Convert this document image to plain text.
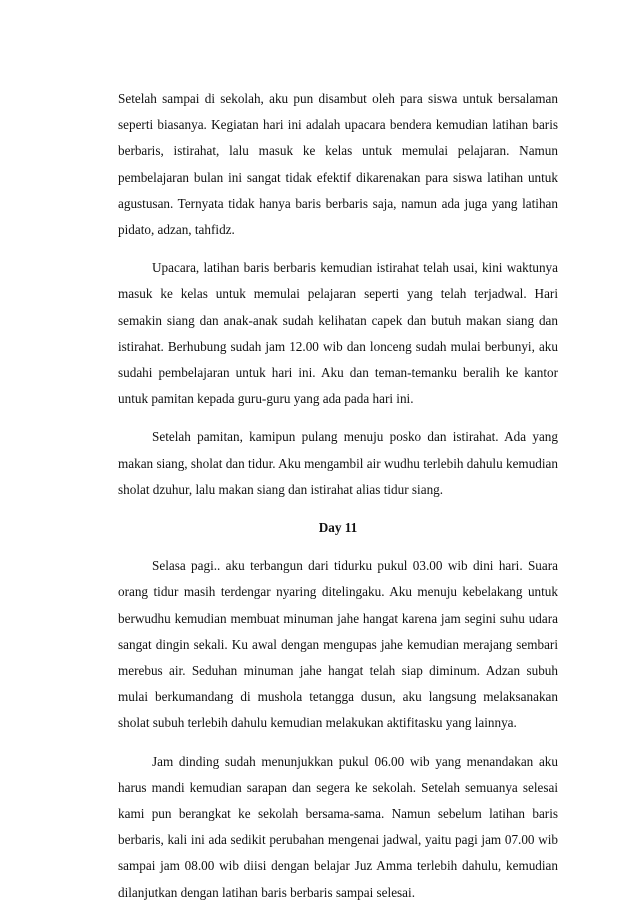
Setelah sampai di sekolah, aku pun disambut oleh para siswa untuk bersalaman seperti biasanya. Kegiatan hari ini adalah upacara bendera kemudian latihan baris berbaris, istirahat, lalu masuk ke kelas untuk memulai pelajaran. Namun pembelajaran bulan ini sangat tidak efektif dikarenakan para siswa latihan untuk agustusan. Ternyata tidak hanya baris berbaris saja, namun ada juga yang latihan pidato, adzan, tahfidz.

Upacara, latihan baris berbaris kemudian istirahat telah usai, kini waktunya masuk ke kelas untuk memulai pelajaran seperti yang telah terjadwal. Hari semakin siang dan anak-anak sudah kelihatan capek dan butuh makan siang dan istirahat. Berhubung sudah jam 12.00 wib dan lonceng sudah mulai berbunyi, aku sudahi pembelajaran untuk hari ini. Aku dan teman-temanku beralih ke kantor untuk pamitan kepada guru-guru yang ada pada hari ini.

Setelah pamitan, kamipun pulang menuju posko dan istirahat. Ada yang makan siang, sholat dan tidur. Aku mengambil air wudhu terlebih dahulu kemudian sholat dzuhur, lalu makan siang dan istirahat alias tidur siang.

Day 11

Selasa pagi.. aku terbangun dari tidurku pukul 03.00 wib dini hari. Suara orang tidur masih terdengar nyaring ditelingaku. Aku menuju kebelakang untuk berwudhu kemudian membuat minuman jahe hangat karena jam segini suhu udara sangat dingin sekali. Ku awal dengan mengupas jahe kemudian merajang sembari merebus air. Seduhan minuman jahe hangat telah siap diminum. Adzan subuh mulai berkumandang di mushola tetangga dusun, aku langsung melaksanakan sholat subuh terlebih dahulu kemudian melakukan aktifitasku yang lainnya.

Jam dinding sudah menunjukkan pukul 06.00 wib yang menandakan aku harus mandi kemudian sarapan dan segera ke sekolah. Setelah semuanya selesai kami pun berangkat ke sekolah bersama-sama. Namun sebelum latihan baris berbaris, kali ini ada sedikit perubahan mengenai jadwal, yaitu pagi jam 07.00 wib sampai jam 08.00 wib diisi dengan belajar Juz Amma terlebih dahulu, kemudian dilanjutkan dengan latihan baris berbaris sampai selesai.
